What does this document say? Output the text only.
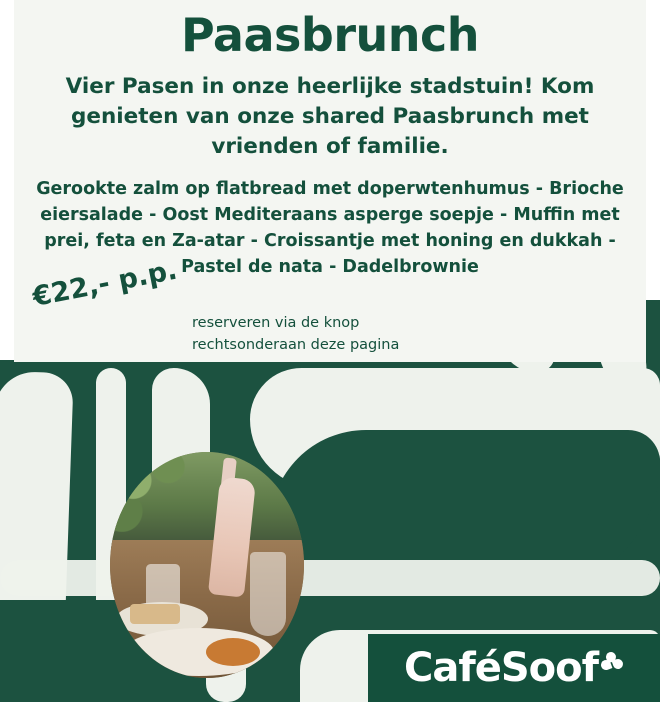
Paasbrunch

Vier Pasen in onze heerlijke stadstuin! Kom genieten van onze shared Paasbrunch met vrienden of familie.

Gerookte zalm op flatbread met doperwtenhumus - Brioche eiersalade - Oost Mediteraans asperge soepje - Muffin met prei, feta en Za-atar - Croissantje met honing en dukkah - Pastel de nata - Dadelbrownie

€22,- p.p.
reserveren via de knop rechtsonderaan deze pagina
CaféSoof
